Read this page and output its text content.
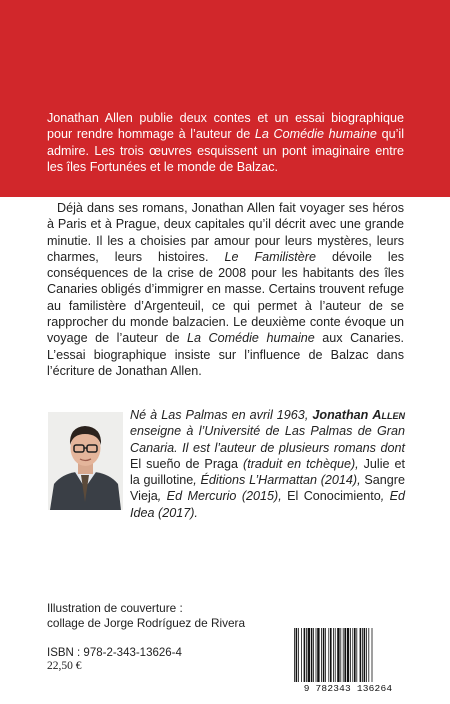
Jonathan Allen publie deux contes et un essai biographique pour rendre hommage à l’auteur de La Comédie humaine qu’il admire. Les trois œuvres esquissent un pont imaginaire entre les îles Fortunées et le monde de Balzac.

Déjà dans ses romans, Jonathan Allen fait voyager ses héros à Paris et à Prague, deux capitales qu’il décrit avec une grande minutie. Il les a choisies par amour pour leurs mystères, leurs charmes, leurs histoires. Le Familistère dévoile les conséquences de la crise de 2008 pour les habitants des îles Canaries obligés d’immigrer en masse. Certains trouvent refuge au familistère d’Argenteuil, ce qui permet à l’auteur de se rapprocher du monde balzacien. Le deuxième conte évoque un voyage de l’auteur de La Comédie humaine aux Canaries. L’essai biographique insiste sur l’influence de Balzac dans l’écriture de Jonathan Allen.

Né à Las Palmas en avril 1963, Jonathan Allen enseigne à l’Université de Las Palmas de Gran Canaria. Il est l’auteur de plusieurs romans dont El sueño de Praga (traduit en tchèque), Julie et la guillotine, Éditions L’Harmattan (2014), Sangre Vieja, Ed Mercurio (2015), El Conocimiento, Ed Idea (2017).

Illustration de couverture :
collage de Jorge Rodríguez de Rivera
ISBN : 978-2-343-13626-4
22,50 €
9 782343 136264
